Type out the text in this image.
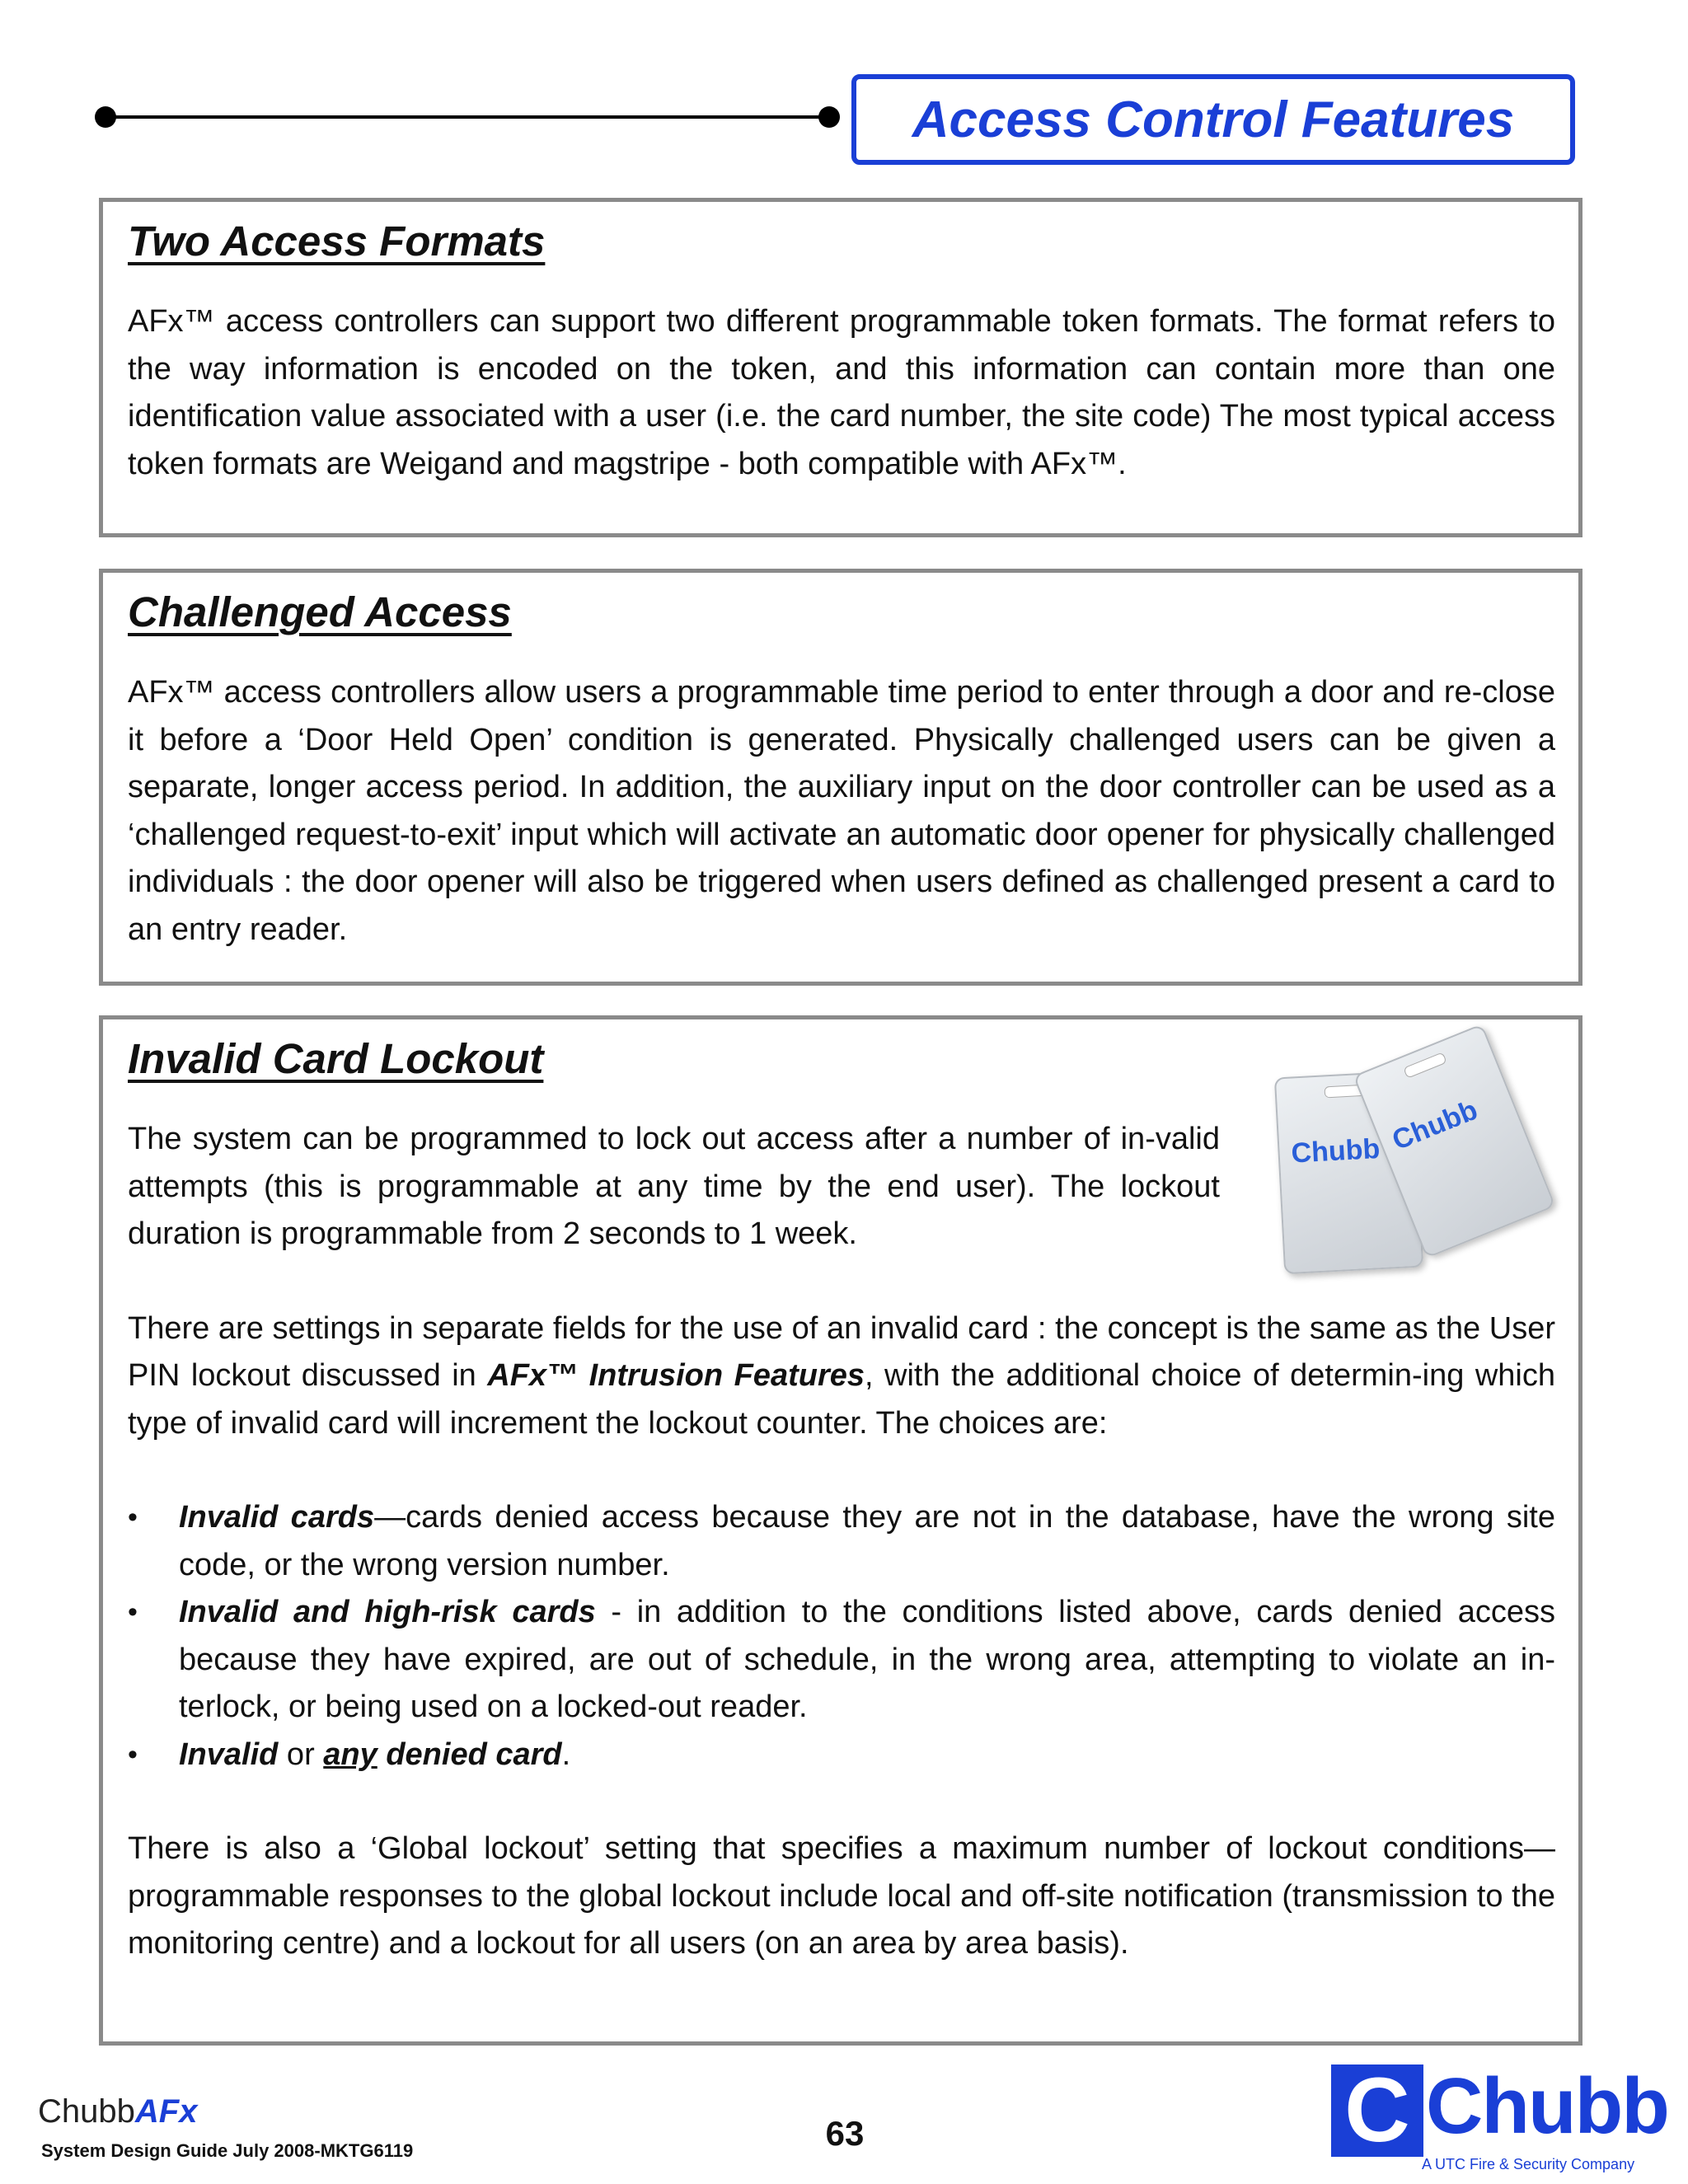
Access Control Features
Two Access Formats

AFx™ access controllers can support two different programmable token formats. The format refers to the way information is encoded on the token, and this information can contain more than one identification value associated with a user (i.e. the card number, the site code) The most typical access token formats are Weigand and magstripe - both compatible with AFx™.

Challenged Access

AFx™ access controllers allow users a programmable time period to enter through a door and re-close it before a ‘Door Held Open’ condition is generated. Physically challenged users can be given a separate, longer access period. In addition, the auxiliary input on the door controller can be used as a ‘challenged request-to-exit’ input which will activate an automatic door opener for physically challenged individuals : the door opener will also be triggered when users defined as challenged present a card to an entry reader.

Invalid Card Lockout

The system can be programmed to lock out access after a number of in-valid attempts (this is programmable at any time by the end user). The lockout duration is programmable from 2 seconds to 1 week.

There are settings in separate fields for the use of an invalid card : the concept is the same as the User PIN lockout discussed in AFx™ Intrusion Features, with the additional choice of determin-ing which type of invalid card will increment the lockout counter. The choices are:

• Invalid cards—cards denied access because they are not in the database, have the wrong site code, or the wrong version number.
• Invalid and high-risk cards - in addition to the conditions listed above, cards denied access because they have expired, are out of schedule, in the wrong area, attempting to violate an in-terlock, or being used on a locked-out reader.
• Invalid or any denied card.

There is also a ‘Global lockout’ setting that specifies a maximum number of lockout conditions—programmable responses to the global lockout include local and off-site notification (transmission to the monitoring centre) and a lockout for all users (on an area by area basis).

Chubb Chubb
ChubbAFx
System Design Guide July 2008-MKTG6119	63	C Chubb
A UTC Fire & Security Company
